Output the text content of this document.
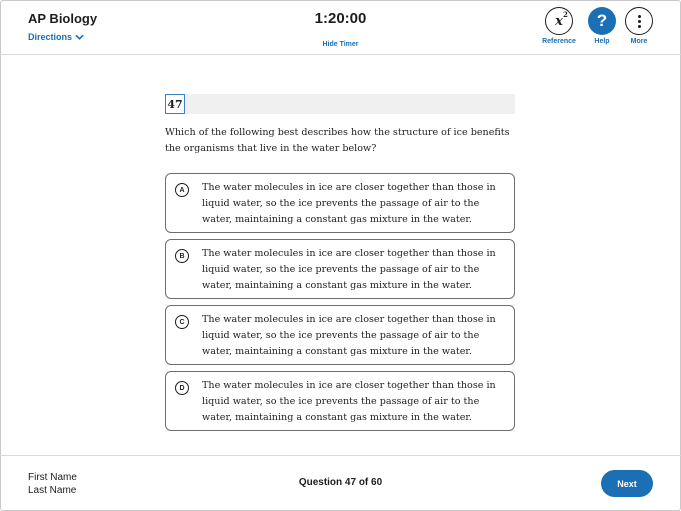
AP Biology
Directions
1:20:00
Hide Timer
x 2
Reference
?
Help	More
47
Which of the following best describes how the structure of ice benefits the organisms that live in the water below?
A	The water molecules in ice are closer together than those in liquid water, so the ice prevents the passage of air to the water, maintaining a constant gas mixture in the water.
B	The water molecules in ice are closer together than those in liquid water, so the ice prevents the passage of air to the water, maintaining a constant gas mixture in the water.
C	The water molecules in ice are closer together than those in liquid water, so the ice prevents the passage of air to the water, maintaining a constant gas mixture in the water.
D	The water molecules in ice are closer together than those in liquid water, so the ice prevents the passage of air to the water, maintaining a constant gas mixture in the water.
First Name
Last Name
Question 47 of 60	Next
